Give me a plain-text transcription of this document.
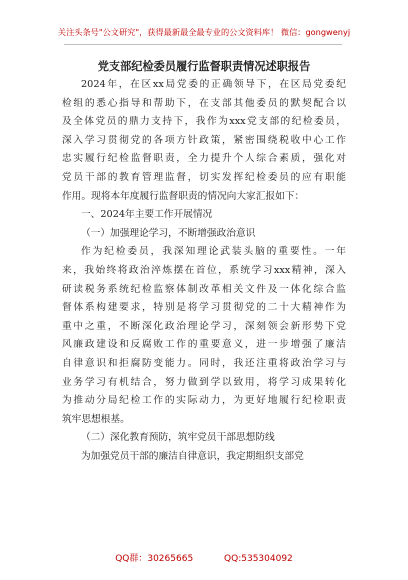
关注头条号"公文研究"，获得最新最全最专业的公文资料库！ 微信：gongwenyj
党支部纪检委员履行监督职责情况述职报告

2024年，在区xx局党委的正确领导下，在区局党委纪
检组的悉心指导和帮助下，在支部其他委员的默契配合以
及全体党员的鼎力支持下，我作为xxx党支部的纪检委员，
深入学习贯彻党的各项方针政策，紧密围绕税收中心工作
忠实履行纪检监督职责，全力提升个人综合素质，强化对
党员干部的教育管理监督，切实发挥纪检委员的应有职能
作用。现将本年度履行监督职责的情况向大家汇报如下：

一、2024年主要工作开展情况

（一）加强理论学习，不断增强政治意识

作为纪检委员，我深知理论武装头脑的重要性。一年
来，我始终将政治淬炼摆在首位，系统学习xxx精神，深入
研读税务系统纪检监察体制改革相关文件及一体化综合监
督体系构建要求，特别是将学习贯彻党的二十大精神作为
重中之重，不断深化政治理论学习，深刻领会新形势下党
风廉政建设和反腐败工作的重要意义，进一步增强了廉洁
自律意识和拒腐防变能力。同时，我还注重将政治学习与
业务学习有机结合，努力做到学以致用，将学习成果转化
为推动分局纪检工作的实际动力，为更好地履行纪检职责
筑牢思想根基。

（二）深化教育预防，筑牢党员干部思想防线

为加强党员干部的廉洁自律意识，我定期组织支部党

QQ群：30265665	QQ:535304092
